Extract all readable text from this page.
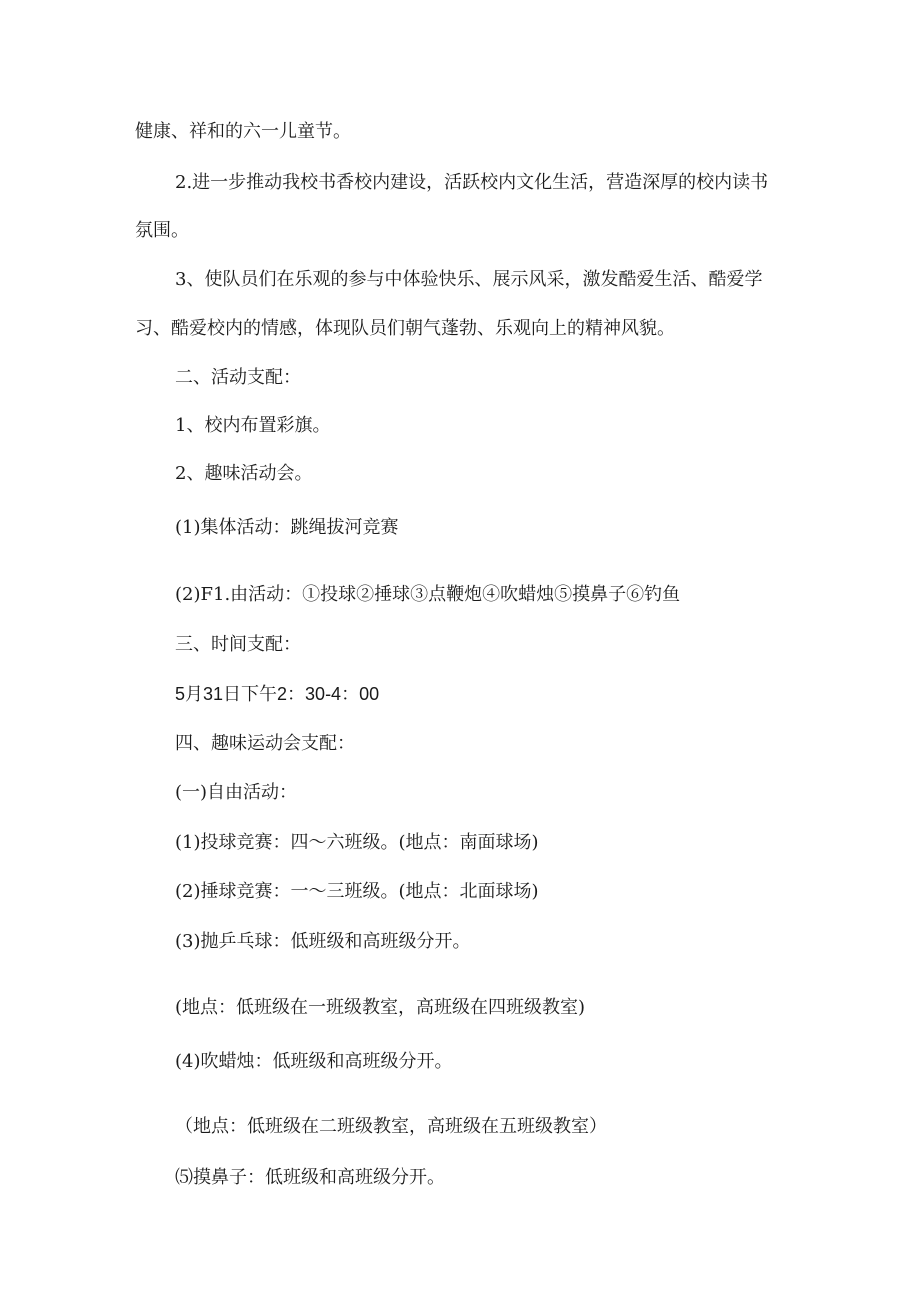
健康、祥和的六一儿童节。
2.进一步推动我校书香校内建设，活跃校内文化生活，营造深厚的校内读书
氛围。
3、使队员们在乐观的参与中体验快乐、展示风采，激发酷爱生活、酷爱学
习、酷爱校内的情感，体现队员们朝气蓬勃、乐观向上的精神风貌。
二、活动支配：
1、校内布置彩旗。
2、趣味活动会。
(1)集体活动：跳绳拔河竞赛
(2)F1.由活动：①投球②捶球③点鞭炮④吹蜡烛⑤摸鼻子⑥钓鱼
三、时间支配：
5月31日下午2：30-4：00
四、趣味运动会支配：
(一)自由活动：
(1)投球竞赛：四～六班级。(地点：南面球场)
(2)捶球竞赛：一～三班级。(地点：北面球场)
(3)抛乒乓球：低班级和高班级分开。
(地点：低班级在一班级教室，高班级在四班级教室)
(4)吹蜡烛：低班级和高班级分开。
（地点：低班级在二班级教室，高班级在五班级教室）
⑸摸鼻子：低班级和高班级分开。
